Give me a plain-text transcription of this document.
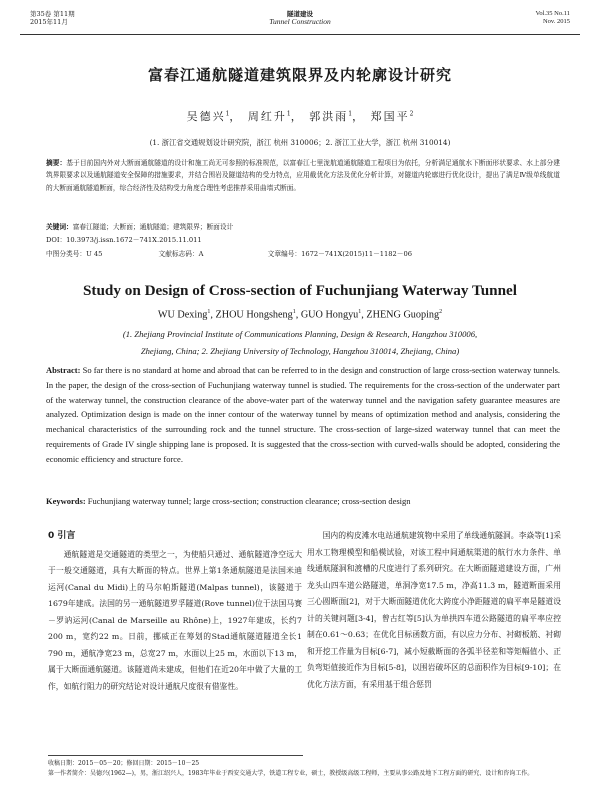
第35卷 第11期
2015年11月
隧道建设
Tunnel Construction
Vol.35 No.11
Nov. 2015
富春江通航隧道建筑限界及内轮廓设计研究
吴德兴$^1$， 周红升$^1$， 郭洪雨$^1$， 郑国平$^2$
(1. 浙江省交通规划设计研究院，浙江 杭州 310006；2. 浙江工业大学，浙江 杭州 310014)
摘要：基于目前国内外对大断面通航隧道的设计和施工尚无可参照的标准规范，以富春江七里泷航道通航隧道工程项目为依托，分析满足通航水下断面形状要求、水上部分建筑界限要求以及通航隧道安全保障的措施要求，并结合围岩及隧道结构的受力特点，应用截优化方法及优化分析计算，对隧道内轮廓进行优化设计，提出了满足Ⅳ级单线航道的大断面通航隧道断面，综合经济性及结构受力角度合理性考虑推荐采用曲墙式断面。
关键词：富春江隧道；大断面；通航隧道；建筑限界；断面设计
DOI：10.3973/j.issn.1672－741X.2015.11.011
中图分类号：U 45	文献标志码：A	文章编号：1672－741X(2015)11－1182－06
Study on Design of Cross-section of Fuchunjiang Waterway Tunnel
WU Dexing$^1$, ZHOU Hongsheng$^1$, GUO Hongyu$^1$, ZHENG Guoping$^2$
(1. Zhejiang Provincial Institute of Communications Planning, Design & Research, Hangzhou 310006,
Zhejiang, China; 2. Zhejiang University of Technology, Hangzhou 310014, Zhejiang, China)
Abstract: So far there is no standard at home and abroad that can be referred to in the design and construction of large cross-section waterway tunnels. In the paper, the design of the cross-section of Fuchunjiang waterway tunnel is studied. The requirements for the cross-section of the underwater part of the waterway tunnel, the construction clearance of the above-water part of the waterway tunnel and the navigation safety guarantee measures are analyzed. Optimization design is made on the inner contour of the waterway tunnel by means of optimization method and analysis, considering the mechanical characteristics of the surrounding rock and the tunnel structure. The cross-section of large-sized waterway tunnel that can meet the requirements of Grade IV single shipping lane is proposed. It is suggested that the cross-section with curved-walls should be adopted, considering the economic efficiency and structure force.
Keywords: Fuchunjiang waterway tunnel; large cross-section; construction clearance; cross-section design
0 引言
通航隧道是交通隧道的类型之一，为使船只通过、通航隧道净空远大于一般交通隧道，具有大断面的特点。世界上第1条通航隧道是法国米迪运河(Canal du Midi)上的马尔帕斯隧道(Malpas tunnel)，该隧道于1679年建成。法国的另一通航隧道罗孚隧道(Rove tunnel)位于法国马赛－罗讷运河(Canal de Marseille au Rhône)上，1927年建成，长约7 200 m，宽约22 m。日前，挪威正在筹划的Stad通航隧道隧道全长1 790 m，通航净宽23 m，总宽27 m，水面以上25 m，水面以下13 m，属于大断面通航隧道。该隧道尚未建成，但他们在近20年中做了大量的工作，如航行阻力的研究结论对设计通航尺度很有借鉴性。
国内的构皮滩水电站通航建筑物中采用了单线通航隧洞。李焱等[1]采用水工物理模型和船模试验，对该工程中间通航渠道的航行水力条件、单线通航隧洞和渡槽的尺度进行了系列研究。在大断面隧道建设方面，广州龙头山四车道公路隧道，单洞净宽17.5 m，净高11.3 m，隧道断面采用三心圆断面[2]，对于大断面隧道优化大跨度小净距隧道的扁平率是隧道设计的关键问题[3-4]，曾古红等[5]认为单拱四车道公路隧道的扁平率应控制在0.61～0.63；在优化目标函数方面，有以应力分布、衬砌板筋、衬砌和开挖工作量为目标[6-7]，减小短截断面的各弧半径差和等矩幅值小、正负弯矩值接近作为目标[5-8]，以围岩破坏区的总面积作为目标[9-10]；在优化方法方面，有采用基于组合惩罚
收稿日期：2015－05－20；修回日期：2015－10－25
第一作者简介：吴德兴(1962—)，男，浙江绍兴人，1983年毕业于西安交通大学，铁道工程专业，硕士，教授级高级工程师，主要从事公路及地下工程方面的研究、设计和咨询工作。
